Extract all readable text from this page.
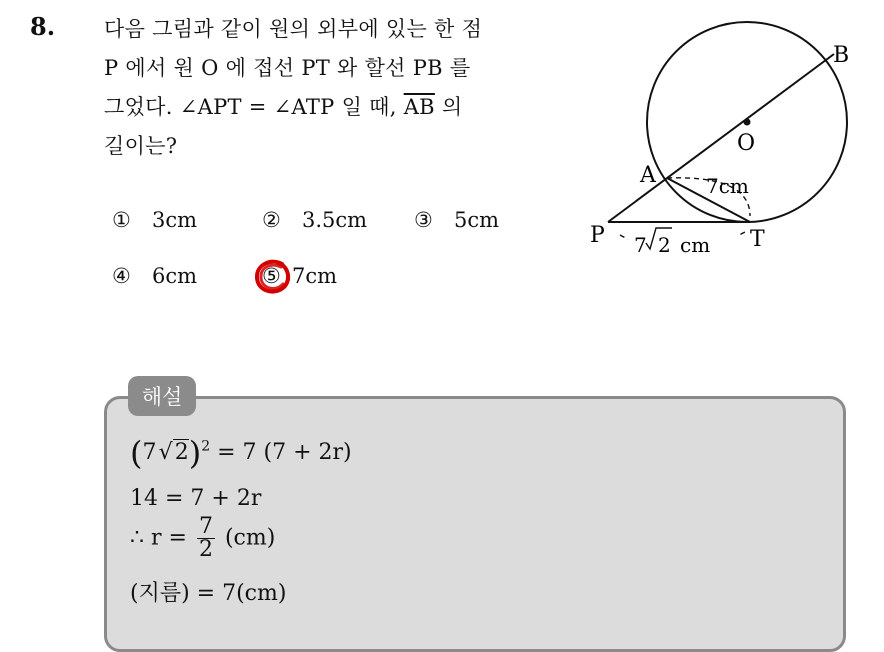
8. 다음 그림과 같이 원의 외부에 있는 한 점
P 에서 원 O 에 접선 PT 와 할선 PB 를
그었다. ∠APT = ∠ATP 일 때, $\overline{AB}$ 의
길이는?
① 3cm	② 3.5cm ③ 5cm
④ 6cm	⑤ 7cm
B
O
A
P	T
7cm
7 2 cm
해설
(7 √2)$^2$ = 7 (7 + 2r)
14 = 7 + 2r
∴ $r = \frac{7}{2} (cm)$
(지름) = 7(cm)
